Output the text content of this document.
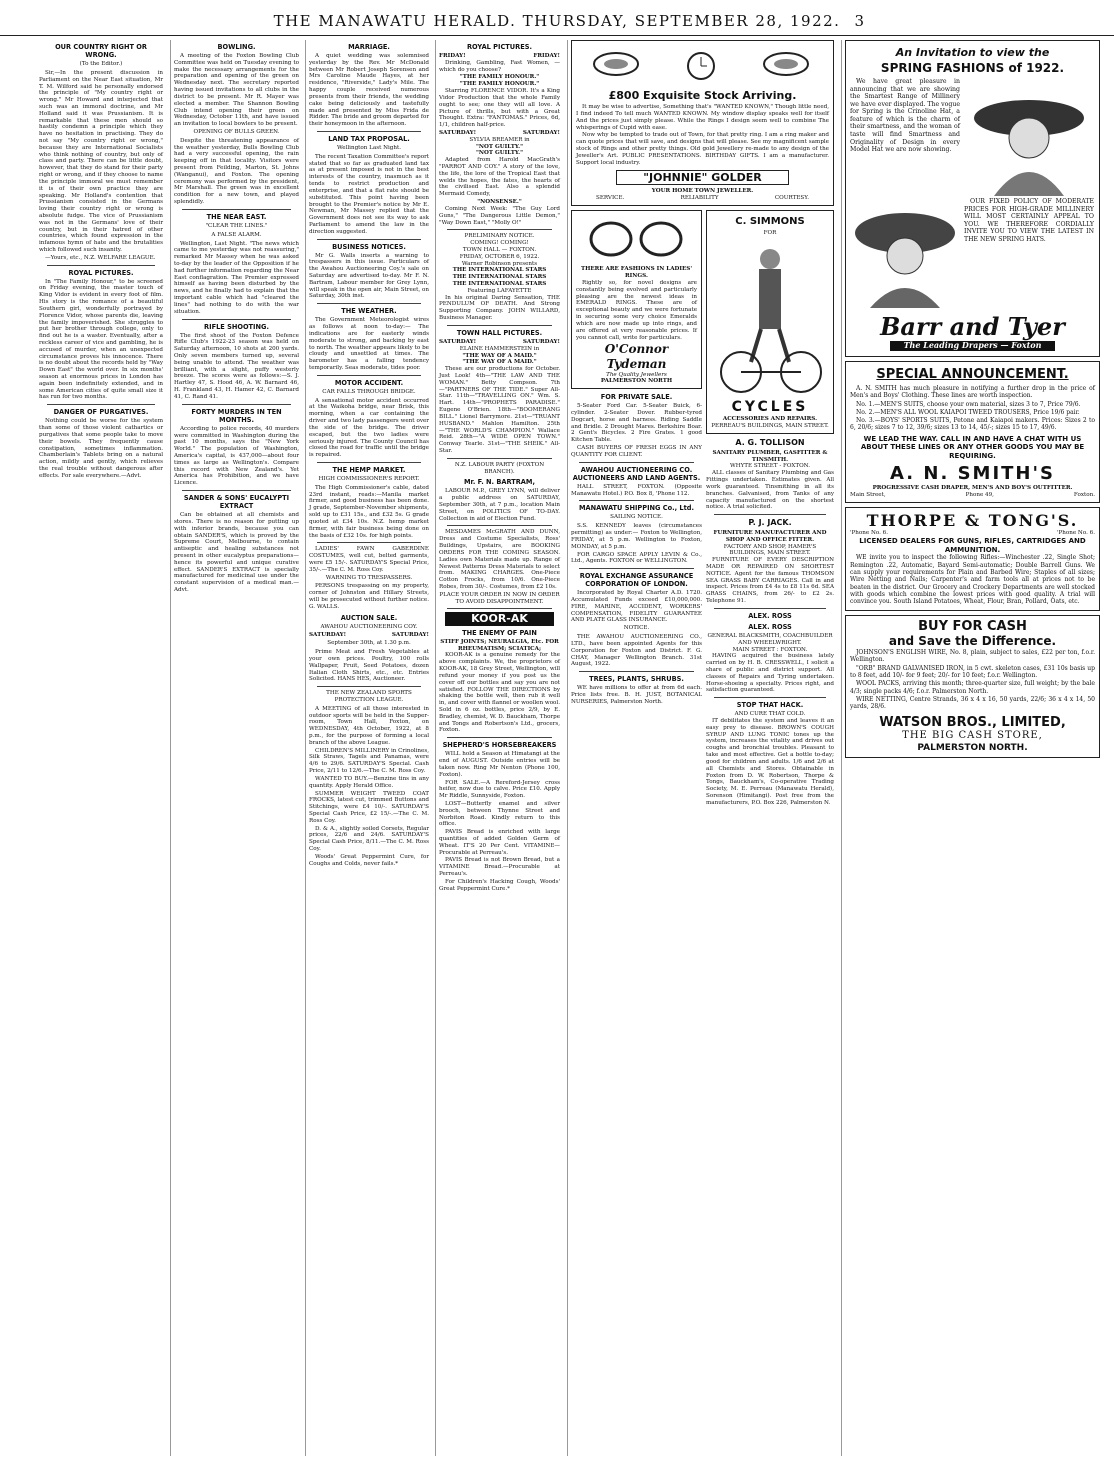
THE MANAWATU HERALD. THURSDAY, SEPTEMBER 28, 1922. 3
OUR COUNTRY RIGHT OR WRONG.
(To the Editor.)

Sir,—In the present discussion in Parliament on the Near East situation, Mr T. M. Wilford said he personally endorsed the principle of "My country right or wrong." Mr Howard and interjected that such was an immoral doctrine, and Mr Holland said it was Prussianism. It is remarkable that these men should so hastily condemn a principle which they have no hesitation in practising. They do not say "My country right or wrong," because they are International Socialists who think nothing of country, but only of class and party. There can be little doubt, however, that they do stand for their party right or wrong, and if they choose to name the principle immoral we must remember it is of their own practice they are speaking. Mr Holland's contention that Prussianism consisted in the Germans loving their country right or wrong is absolute fudge. The vice of Prussianism was not in the Germans' love of their country, but in their hatred of other countries, which found expression in the infamous hymn of hate and the brutalities which followed such insanity.

—Yours, etc., N.Z. WELFARE LEAGUE.

ROYAL PICTURES.

In "The Family Honour," to be screened on Friday evening, the master touch of King Vidor is evident in every foot of film. His story is the romance of a beautiful Southern girl, wonderfully portrayed by Florence Vidor, whose parents die, leaving the family impoverished. She struggles to put her brother through college, only to find out he is a waster. Eventually, after a reckless career of vice and gambling, he is accused of murder, when an unexpected circumstance proves his innocence. There is no doubt about the records held by "Way Down East" the world over. In six months' season at enormous prices in London has again been indefinitely extended, and in some American cities of quite small size it has run for two months.

DANGER OF PURGATIVES.

Nothing could be worse for the system than some of those violent cathartics or purgatives that some people take to move their bowels. They frequently cause constipation, sometimes inflammation. Chamberlain's Tablets bring on a natural action, mildly and gently, which relieves the real trouble without dangerous after effects. For sale everywhere.—Advt.

BOWLING.

A meeting of the Foxton Bowling Club Committee was held on Tuesday evening to make the necessary arrangements for the preparation and opening of the green on Wednesday next. The secretary reported having issued invitations to all clubs in the district to be present. Mr R. Mayer was elected a member. The Shannon Bowling Club intend opening their green on Wednesday, October 11th, and have issued an invitation to local bowlers to be present.

OPENING OF BULLS GREEN.

Despite the threatening appearance of the weather yesterday, Bulls Bowling Club had a very successful opening, the rain keeping off in that locality. Visitors were present from Feilding, Marton, St. Johns (Wanganui), and Foxton. The opening ceremony was performed by the president, Mr Marshall. The green was in excellent condition for a new town, and played splendidly.

THE NEAR EAST.
"CLEAR THE LINES."
A FALSE ALARM.

Wellington, Last Night. "The news which came to me yesterday was not reassuring," remarked Mr Massey when he was asked to-day by the leader of the Opposition if he had further information regarding the Near East conflagration. The Premier expressed himself as having been disturbed by the news, and he finally had to explain that the important cable which had "cleared the lines" had nothing to do with the war situation.

RIFLE SHOOTING.

The first shoot of the Foxton Defence Rifle Club's 1922-23 season was held on Saturday afternoon, 10 shots at 200 yards. Only seven members turned up, several being unable to attend. The weather was brilliant, with a slight, puffy westerly breeze. The scores were as follows:—S. J. Hartley 47, S. Hood 46, A. W. Barnard 46, H. Frankland 43, H. Hamer 42, C. Barnard 41, C. Rand 41.

FORTY MURDERS IN TEN MONTHS.

According to police records, 40 murders were committed in Washington during the past 10 months, says the "New York World." The population of Washington, America's capital, is 437,000—about four times as large as Wellington's. Compare this record with New Zealand's. Yet America has Prohibition, and we have Licence.

SANDER & SONS' EUCALYPTI EXTRACT

Can be obtained at all chemists and stores. There is no reason for putting up with inferior brands, because you can obtain SANDER'S, which is proved by the Supreme Court, Melbourne, to contain antiseptic and healing substances not present in other eucalyptus preparations—hence its powerful and unique curative effect. SANDER'S EXTRACT is specially manufactured for medicinal use under the constant supervision of a medical man.—Advt.

MARRIAGE.

A quiet wedding was solemnised yesterday by the Rev. Mr McDonald between Mr Robert Joseph Sorensen and Mrs Caroline Maude Hayes, at her residence, "Riverside," Lady's Mile. The happy couple received numerous presents from their friends, the wedding cake being deliciously and tastefully made and presented by Miss Frida de Ridder. The bride and groom departed for their honeymoon in the afternoon.

LAND TAX PROPOSAL.
Wellington Last Night.

The recent Taxation Committee's report stated that so far as graduated land tax as at present imposed is not in the best interests of the country, inasmuch as it tends to restrict production and enterprise, and that a flat rate should be substituted. This point having been brought to the Premier's notice by Mr E. Newman, Mr Massey replied that the Government does not see its way to ask Parliament to amend the law in the direction suggested.

BUSINESS NOTICES.

Mr G. Walls inserts a warning to trespassers in this issue. Particulars of the Awahou Auctioneering Coy.'s sale on Saturday are advertised to-day. Mr F. N. Bartram, Labour member for Grey Lynn, will speak in the open air, Main Street, on Saturday, 30th inst.

THE WEATHER.

The Government Meteorologist wires as follows at noon to-day:— The indications are for easterly winds moderate to strong, and backing by east to north. The weather appears likely to be cloudy and unsettled at times. The barometer has a falling tendency temporarily. Seas moderate, tides poor.

MOTOR ACCIDENT.
CAR FALLS THROUGH BRIDGE.

A sensational motor accident occurred at the Waikoha bridge, near Brisk, this morning, when a car containing the driver and two lady passengers went over the side of the bridge. The driver escaped, but the two ladies were seriously injured. The County Council has closed the road for traffic until the bridge is repaired.

THE HEMP MARKET.
HIGH COMMISSIONER'S REPORT.

The High Commissioner's cable, dated 23rd instant, reads:—Manila market firmer, and good business has been done. J grade, September-November shipments, sold up to £31 15s., and £32 5s. G grade quoted at £34 10s. N.Z. hemp market firmer, with fair business being done on the basis of £32 10s. for high points.

LADIES' FAWN GABERDINE COSTUMES, well cut, belted garments, were £5 15/-. SATURDAY'S Special Price, 35/-.—The C. M. Ross Coy.

WARNING TO TRESPASSERS.

PERSONS trespassing on my property, corner of Johnston and Hillary Streets, will be prosecuted without further notice. G. WALLS.

AUCTION SALE.
AWAHOU AUCTIONEERING COY.
SATURDAY!	SATURDAY!
September 30th, at 1.30 p.m.

Prime Meat and Fresh Vegetables at your own prices. Poultry, 100 rolls Wallpaper, Fruit, Seed Potatoes, dozen Italian Cloth Shirts, etc., etc. Entries Solicited. HANS HES, Auctioneer.

THE NEW ZEALAND SPORTS PROTECTION LEAGUE.

A MEETING of all those interested in outdoor sports will be held in the Supper-room, Town Hall, Foxton, on WEDNESDAY, 4th October, 1922, at 8 p.m., for the purpose of forming a local branch of the above League.

CHILDREN'S MILLINERY in Crinolines, Silk Straws, Tagels and Panamas, were 4/6 to 29/6. SATURDAY'S Special. Cash Price, 2/11 to 12/6.—The C. M. Ross Coy.

WANTED TO BUY.—Benzine tins in any quantity. Apply Herald Office.

SUMMER WEIGHT TWEED COAT FROCKS, latest cut, trimmed Buttons and Stitchings, were £4 10/-. SATURDAY'S Special Cash Price, £2 15/-.—The C. M. Ross Coy.

D. & A., slightly soiled Corsets, Regular prices, 22/6 and 24/6. SATURDAY'S Special Cash Price, 8/11.—The C. M. Ross Coy.

Woods' Great Peppermint Cure, for Coughs and Colds, never fails.*

ROYAL PICTURES.
FRIDAY!	FRIDAY!

Drinking, Gambling, Fast Women, —which do you choose?

"THE FAMILY HONOUR."
"THE FAMILY HONOUR."

Starring FLORENCE VIDOR. It's a King Vidor Production that the whole Family ought to see; one they will all love. A Picture of thrills, but with a Great Thought. Extra: "FANTOMAS." Prices, 6d, 1/1, children half-price.

SATURDAY!	SATURDAY!
SYLVIA BREAMER in
"NOT GUILTY."
"NOT GUILTY."

Adapted from Harold MacGrath's "PARROT AND COY." A story of the love, the life, the lore of the Tropical East that welds the hopes, the fates, the hearts of the civilised East. Also a splendid Mermaid Comedy,

"NONSENSE."

Coming Next Week: "The Guy Lord Guns," "The Dangerous Little Demon," "Way Down East," "Molly O!"

PRELIMINARY NOTICE.
COMING! COMING!
TOWN HALL — FOXTON.
FRIDAY, OCTOBER 6, 1922.
Warner Robinson presents
THE INTERNATIONAL STARS
THE INTERNATIONAL STARS
THE INTERNATIONAL STARS
Featuring LAFAYETTE

In his original Daring Sensation, THE PENDULUM OF DEATH. And Strong Supporting Company. JOHN WILLARD, Business Manager.

TOWN HALL PICTURES.
SATURDAY!	SATURDAY!
ELAINE HAMMERSTEIN in
"THE WAY OF A MAID."
"THE WAY OF A MAID."

These are our productions for October. Just Look! 4th—"THE LAW AND THE WOMAN." Betty Compson. 7th—"PARTNERS OF THE TIDE." Super All-Star. 11th—"TRAVELLING ON." Wm. S. Hart. 14th—"PROPHETS PARADISE." Eugene O'Brien. 18th—"BOOMERANG BILL." Lionel Barrymore. 21st—"TRUANT HUSBAND." Mahlon Hamilton. 25th—"THE WORLD'S CHAMPION." Wallace Reid. 28th—"A WIDE OPEN TOWN." Conway Tearle. 31st—"THE SHEIK." All-Star.

N.Z. LABOUR PARTY (FOXTON BRANCH).
Mr. F. N. BARTRAM,

LABOUR M.P., GREY LYNN, will deliver a public address on SATURDAY, September 30th, at 7 p.m., location Main Street, on POLITICS OF TO-DAY. Collection in aid of Election Fund.

MESDAMES McGRATH AND DUNN, Dress and Costume Specialists, Ross' Buildings, Upstairs, are BOOKING ORDERS FOR THE COMING SEASON. Ladies own Materials made up. Range of Newest Patterns Dress Materials to select from. MAKING CHARGES. One-Piece Cotton Frocks, from 10/6. One-Piece Robes, from 30/-. Costumes, from £2 10s.

PLACE YOUR ORDER IN NOW IN ORDER TO AVOID DISAPPOINTMENT.
KOOR-AK
THE ENEMY OF PAIN
STIFF JOINTS; NEURALGIA, Etc. FOR RHEUMATISM; SCIATICA;

KOOR-AK is a genuine remedy for the above complaints. We, the proprietors of KOOR-AK, 18 Grey Street, Wellington, will refund your money if you post us the cover off our bottles and say you are not satisfied. FOLLOW THE DIRECTIONS by shaking the bottle well, then rub it well in, and cover with flannel or woollen wool. Sold in 6 oz. bottles, price 2/9, by E. Bradley, chemist, W. D. Bauckham, Thorpe and Tongs and Robertson's Ltd., grocers, Foxton.

SHEPHERD'S HORSEBREAKERS

WILL hold a Season at Himatangi at the end of AUGUST. Outside entries will be taken now. Ring Mr Nenton (Phone 100, Foxton).

FOR SALE.—A Rereford-Jersey cross heifer, now due to calve. Price £10. Apply Mr Riddle, Sunnyside, Foxton.

LOST—Butterfly enamel and silver brooch, between Thynne Street and Norbiton Road. Kindly return to this office.

PAVIS Bread is enriched with large quantities of added Golden Germ of Wheat. IT'S 20 Per Cent. VITAMINE—Procurable at Perreau's.

PAVIS Bread is not Brown Bread, but a VITAMINE Bread.—Procurable at Perreau's.

For Children's Hacking Cough, Woods' Great Peppermint Cure.*

£800 Exquisite Stock Arriving.

It may be wise to advertise, Something that's "WANTED KNOWN," Though little need, I find indeed To tell much WANTED KNOWN. My window display speaks well for itself And the prices just simply please. While the Rings I design seem well to combine The whisperings of Cupid with ease.

Now why be tempted to trade out of Town, for that pretty ring. I am a ring maker and can quote prices that will save, and designs that will please. See my magnificent sample stock of Rings and other pretty things. Old gold Jewellery re-made to any design of the Jeweller's Art. PUBLIC PRESENTATIONS. BIRTHDAY GIFTS. I am a manufacturer. Support local industry.

"JOHNNIE" GOLDER
YOUR HOME TOWN JEWELLER.
SERVICE.	RELIABILITY	COURTESY.
THERE ARE FASHIONS IN LADIES' RINGS.

Rightly so, for novel designs are constantly being evolved and particularly pleasing are the newest ideas in EMERALD RINGS. These are of exceptional beauty and we were fortunate in securing some very choice Emeralds which are now made up into rings, and are offered at very reasonable prices. If you cannot call, write for particulars.

O'Connor
Tydeman
The Quality Jewellers
PALMERSTON NORTH
FOR PRIVATE SALE.

5-Seater Ford Car. 5-Seater Buick, 6-cylinder. 2-Seater Dover. Rubber-tyred Dogcart, horse and harness. Riding Saddle and Bridle. 2 Drought Mares. Berkshire Boar. 2 Gent's Bicycles. 2 Fire Grates. 1 good Kitchen Table.

CASH BUYERS OF FRESH EGGS IN ANY QUANTITY FOR CLIENT.

AWAHOU AUCTIONEERING CO. AUCTIONEERS AND LAND AGENTS.

HALL STREET, FOXTON. (Opposite Manawatu Hotel.) P.O. Box 8, 'Phone 112.

MANAWATU SHIPPING Co., Ltd.
SAILING NOTICE.

S.S. KENNEDY leaves (circumstances permitting) as under:— Foxton to Wellington, FRIDAY, at 5 p.m. Wellington to Foxton, MONDAY, at 5 p.m.

FOR CARGO SPACE APPLY LEVIN & Co., Ltd., Agents. FOXTON or WELLINGTON.

ROYAL EXCHANGE ASSURANCE CORPORATION OF LONDON.

Incorporated by Royal Charter A.D. 1720. Accumulated Funds exceed £10,000,000. FIRE, MARINE, ACCIDENT, WORKERS' COMPENSATION, FIDELITY GUARANTEE AND PLATE GLASS INSURANCE.

NOTICE.

THE AWAHOU AUCTIONEERING CO., LTD., have been appointed Agents for this Corporation for Foxton and District. F. G. CHAY, Manager Wellington Branch. 31st August, 1922.

TREES, PLANTS, SHRUBS.

WE have millions to offer at from 6d each. Price lists free. B. H. JUST, BOTANICAL NURSERIES, Palmerston North.

C. SIMMONS
FOR
CYCLES
ACCESSORIES AND REPAIRS.
PERREAU'S BUILDINGS, MAIN STREET.
A. G. TOLLISON
SANITARY PLUMBER, GASFITTER & TINSMITH.
WHYTE STREET - FOXTON.

ALL classes of Sanitary Plumbing and Gas Fittings undertaken. Estimates given. All work guaranteed. Tinsmithing in all its branches. Galvanised, from Tanks of any capacity manufactured on the shortest notice. A trial solicited.

P. J. JACK.
FURNITURE MANUFACTURER AND SHOP AND OFFICE FITTER.
FACTORY AND SHOP, HAMER'S BUILDINGS, MAIN STREET.

FURNITURE OF EVERY DESCRIPTION MADE OR REPAIRED ON SHORTEST NOTICE. Agent for the famous THOMSON SEA GRASS BABY CARRIAGES. Call in and inspect. Prices from £4 4s to £8 11s 6d. SEA GRASS CHAINS, from 26/- to £2 2s. Telephone 91.

ALEX. ROSS
ALEX. ROSS
GENERAL BLACKSMITH, COACHBUILDER AND WHEELWRIGHT.
MAIN STREET : FOXTON.

HAVING acquired the business lately carried on by H. B. CRESSWELL, I solicit a share of public and district support. All classes of Repairs and Tyring undertaken. Horse-shoeing a specialty. Prices right, and satisfaction guaranteed.

STOP THAT HACK.
AND CURE THAT COLD.

IT debilitates the system and leaves it an easy prey to disease. BROWN'S COUGH SYRUP AND LUNG TONIC tones up the system, increases the vitality and drives out coughs and bronchial troubles. Pleasant to take and most effective. Get a bottle to-day; good for children and adults. 1/6 and 2/6 at all Chemists and Stores. Obtainable in Foxton from D. W. Robertson, Thorpe & Tongs, Bauckham's, Co-operative Trading Society, M. E. Perreau (Manawatu Herald), Sorenson (Himitangi). Post free from the manufacturers, P.O. Box 226, Palmerston N.

An Invitation to view the
SPRING FASHIONS of 1922.

We have great pleasure in announcing that we are showing the Smartest Range of Millinery we have ever displayed. The vogue for Spring is the Crinoline Hat, a feature of which is the charm of their smartness, and the woman of taste will find Smartness and Originality of Design in every Model Hat we are now showing.

OUR FIXED POLICY OF MODERATE PRICES FOR HIGH-GRADE MILLINERY WILL MOST CERTAINLY APPEAL TO YOU. WE THEREFORE CORDIALLY INVITE YOU TO VIEW THE LATEST IN THE NEW SPRING HATS.

Barr and Tyer
The Leading Drapers — Foxton
SPECIAL ANNOUNCEMENT.

A. N. SMITH has much pleasure in notifying a further drop in the price of Men's and Boys' Clothing. These lines are worth inspection.

No. 1.—MEN'S SUITS, choose your own material, sizes 3 to 7, Price 79/6.

No. 2.—MEN'S ALL WOOL KAIAPOI TWEED TROUSERS, Price 19/6 pair.

No. 3.—BOYS' SPORTS SUITS, Petone and Kaiapoi makers. Prices: Sizes 2 to 6, 20/6; sizes 7 to 12, 39/6; sizes 13 to 14, 45/-; sizes 15 to 17, 49/6.

WE LEAD THE WAY. CALL IN AND HAVE A CHAT WITH US ABOUT THESE LINES OR ANY OTHER GOODS YOU MAY BE REQUIRING.
A. N. SMITH'S
PROGRESSIVE CASH DRAPER, MEN'S AND BOY'S OUTFITTER.
Main Street,	Phone 49,	Foxton.
THORPE & TONG'S.
'Phone No. 6.	'Phone No. 6.
LICENSED DEALERS FOR GUNS, RIFLES, CARTRIDGES AND AMMUNITION.

WE invite you to inspect the following Rifles:—Winchester .22, Single Shot; Remington .22, Automatic, Bayard Semi-automatic; Double Barrell Guns. We can supply your requirements for Plain and Barbed Wire; Staples of all sizes; Wire Netting and Nails; Carpenter's and farm tools all at prices not to be beaten in the district. Our Grocery and Crockery Departments are well stocked with goods which combine the lowest prices with good quality. A trial will convince you. South Island Potatoes, Wheat, Flour, Bran, Pollard, Oats, etc.

BUY FOR CASH
and Save the Difference.

JOHNSON'S ENGLISH WIRE, No. 8, plain, subject to sales, £22 per ton, f.o.r. Wellington.

"ORB" BRAND GALVANISED IRON, in 5 cwt. skeleton cases, £31 10s basis up to 8 feet, add 10/- for 9 feet; 20/- for 10 feet; f.o.r. Wellington.

WOOL PACKS, arriving this month; three-quarter size, full weight; by the bale 4/3; single packs 4/6; f.o.r. Palmerston North.

WIRE NETTING, Centre Strands, 36 x 4 x 16, 50 yards, 22/6; 36 x 4 x 14, 50 yards, 28/6.

WATSON BROS., LIMITED,
THE BIG CASH STORE,
PALMERSTON NORTH.
